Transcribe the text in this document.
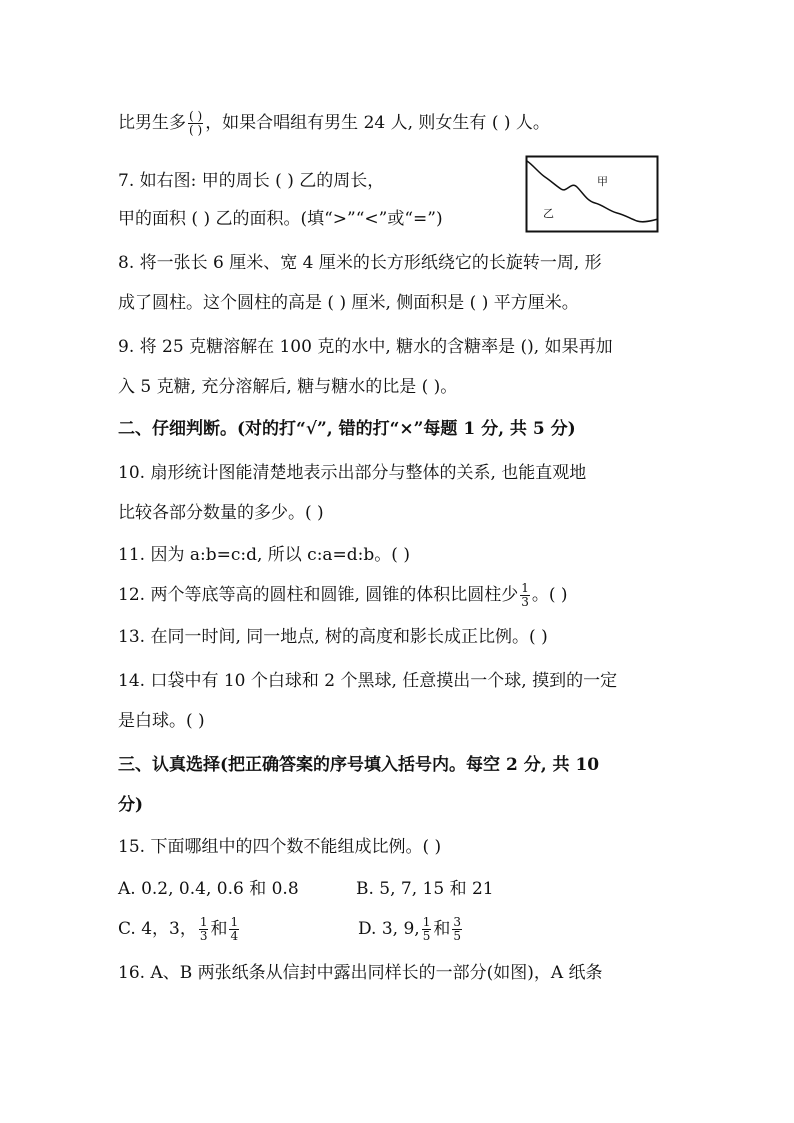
比男生多 $\frac{( )}{( )}$ ，如果合唱组有男生 24 人, 则女生有 ( ) 人。
7. 如右图: 甲的周长 ( ) 乙的周长，
甲的面积 ( ) 乙的面积。(填“>”“<”或“=”)
甲
乙
8. 将一张长 6 厘米、宽 4 厘米的长方形纸绕它的长旋转一周, 形
成了圆柱。这个圆柱的高是 ( ) 厘米, 侧面积是 ( ) 平方厘米。
9. 将 25 克糖溶解在 100 克的水中, 糖水的含糖率是 (), 如果再加
入 5 克糖, 充分溶解后, 糖与糖水的比是 ( )。
二、仔细判断。(对的打“√”, 错的打“×”每题 1 分, 共 5 分)
10. 扇形统计图能清楚地表示出部分与整体的关系, 也能直观地
比较各部分数量的多少。( )
11. 因为 a:b=c:d, 所以 c:a=d:b。( )
12. 两个等底等高的圆柱和圆锥, 圆锥的体积比圆柱少 $\frac{1}{3}$ 。( )
13. 在同一时间, 同一地点, 树的高度和影长成正比例。( )
14. 口袋中有 10 个白球和 2 个黑球, 任意摸出一个球, 摸到的一定
是白球。( )
三、认真选择(把正确答案的序号填入括号内。每空 2 分, 共 10
分)
15. 下面哪组中的四个数不能组成比例。( )
A. 0.2, 0.4, 0.6 和 0.8	B. 5, 7, 15 和 21
C. 4，3， $\frac{1}{3}$ 和 $\frac{1}{4}$	D. 3, 9, $\frac{1}{5}$ 和 $\frac{3}{5}$
16. A、B 两张纸条从信封中露出同样长的一部分(如图)，A 纸条
